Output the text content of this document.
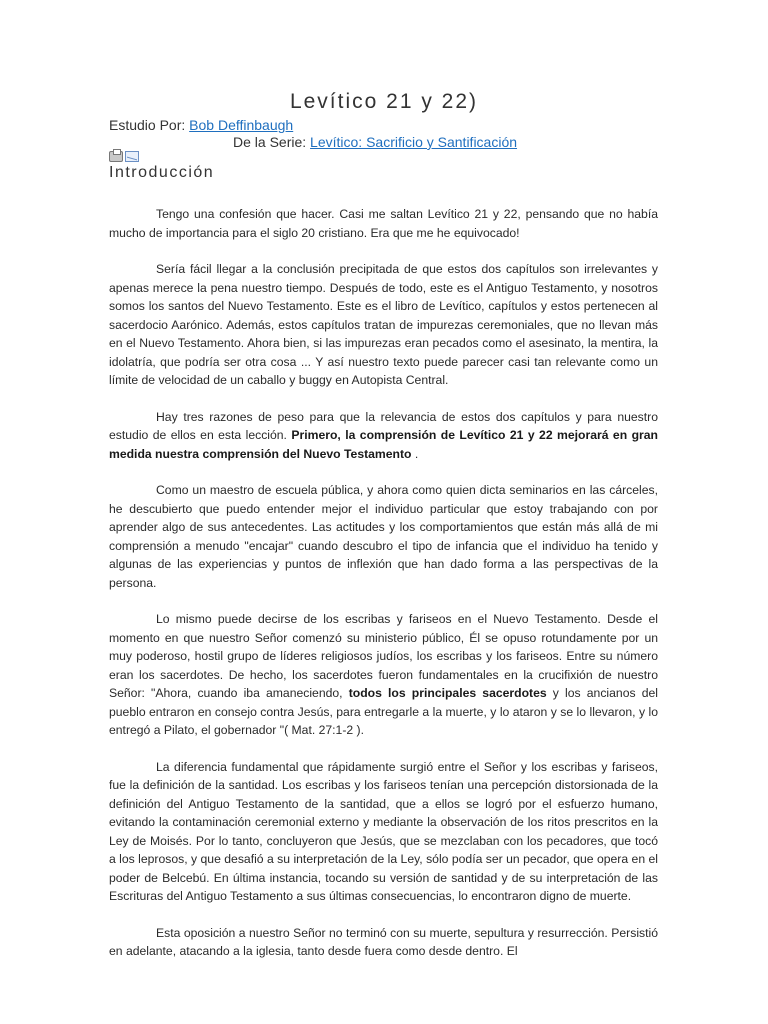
Levítico 21 y 22)
Estudio Por: Bob Deffinbaugh
De la Serie: Levítico: Sacrificio y Santificación
Introducción

Tengo una confesión que hacer. Casi me saltan Levítico 21 y 22, pensando que no había mucho de importancia para el siglo 20 cristiano. Era que me he equivocado!

Sería fácil llegar a la conclusión precipitada de que estos dos capítulos son irrelevantes y apenas merece la pena nuestro tiempo. Después de todo, este es el Antiguo Testamento, y nosotros somos los santos del Nuevo Testamento. Este es el libro de Levítico, capítulos y estos pertenecen al sacerdocio Aarónico. Además, estos capítulos tratan de impurezas ceremoniales, que no llevan más en el Nuevo Testamento. Ahora bien, si las impurezas eran pecados como el asesinato, la mentira, la idolatría, que podría ser otra cosa ... Y así nuestro texto puede parecer casi tan relevante como un límite de velocidad de un caballo y buggy en Autopista Central.

Hay tres razones de peso para que la relevancia de estos dos capítulos y para nuestro estudio de ellos en esta lección. Primero, la comprensión de Levítico 21 y 22 mejorará en gran medida nuestra comprensión del Nuevo Testamento .

Como un maestro de escuela pública, y ahora como quien dicta seminarios en las cárceles, he descubierto que puedo entender mejor el individuo particular que estoy trabajando con por aprender algo de sus antecedentes. Las actitudes y los comportamientos que están más allá de mi comprensión a menudo "encajar" cuando descubro el tipo de infancia que el individuo ha tenido y algunas de las experiencias y puntos de inflexión que han dado forma a las perspectivas de la persona.

Lo mismo puede decirse de los escribas y fariseos en el Nuevo Testamento. Desde el momento en que nuestro Señor comenzó su ministerio público, Él se opuso rotundamente por un muy poderoso, hostil grupo de líderes religiosos judíos, los escribas y los fariseos. Entre su número eran los sacerdotes. De hecho, los sacerdotes fueron fundamentales en la crucifixión de nuestro Señor: "Ahora, cuando iba amaneciendo, todos los principales sacerdotes y los ancianos del pueblo entraron en consejo contra Jesús, para entregarle a la muerte, y lo ataron y se lo llevaron, y lo entregó a Pilato, el gobernador "( Mat. 27:1-2 ).

La diferencia fundamental que rápidamente surgió entre el Señor y los escribas y fariseos, fue la definición de la santidad. Los escribas y los fariseos tenían una percepción distorsionada de la definición del Antiguo Testamento de la santidad, que a ellos se logró por el esfuerzo humano, evitando la contaminación ceremonial externo y mediante la observación de los ritos prescritos en la Ley de Moisés. Por lo tanto, concluyeron que Jesús, que se mezclaban con los pecadores, que tocó a los leprosos, y que desafió a su interpretación de la Ley, sólo podía ser un pecador, que opera en el poder de Belcebú. En última instancia, tocando su versión de santidad y de su interpretación de las Escrituras del Antiguo Testamento a sus últimas consecuencias, lo encontraron digno de muerte.

Esta oposición a nuestro Señor no terminó con su muerte, sepultura y resurrección. Persistió en adelante, atacando a la iglesia, tanto desde fuera como desde dentro. El
